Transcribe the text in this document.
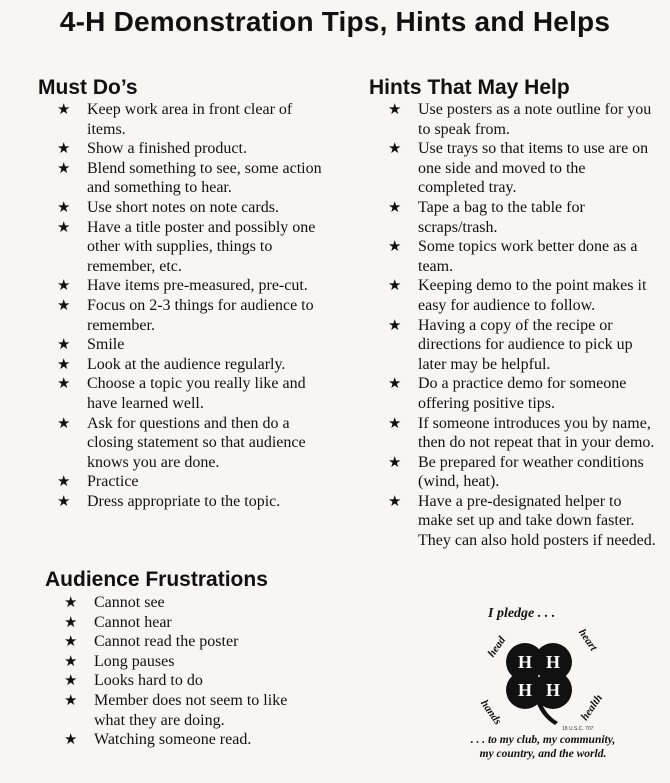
4-H Demonstration Tips, Hints and Helps
Must Do’s
★ Keep work area in front clear of items.
★ Show a finished product.
★ Blend something to see, some action and something to hear.
★ Use short notes on note cards.
★ Have a title poster and possibly one other with supplies, things to remember, etc.
★ Have items pre-measured, pre-cut.
★ Focus on 2-3 things for audience to remember.
★ Smile
★ Look at the audience regularly.
★ Choose a topic you really like and have learned well.
★ Ask for questions and then do a closing statement so that audience knows you are done.
★ Practice
★ Dress appropriate to the topic.
Hints That May Help
★ Use posters as a note outline for you to speak from.
★ Use trays so that items to use are on one side and moved to the completed tray.
★ Tape a bag to the table for scraps/trash.
★ Some topics work better done as a team.
★ Keeping demo to the point makes it easy for audience to follow.
★ Having a copy of the recipe or directions for audience to pick up later may be helpful.
★ Do a practice demo for someone offering positive tips.
★ If someone introduces you by name, then do not repeat that in your demo.
★ Be prepared for weather conditions (wind, heat).
★ Have a pre-designated helper to make set up and take down faster. They can also hold posters if needed.
Audience Frustrations
★ Cannot see
★ Cannot hear
★ Cannot read the poster
★ Long pauses
★ Looks hard to do
★ Member does not seem to like what they are doing.
★ Watching someone read.
I pledge . . .
H H
H H
head	heart
hands	health
18 U.S.C. 707
. . . to my club, my community,
my country, and the world.
